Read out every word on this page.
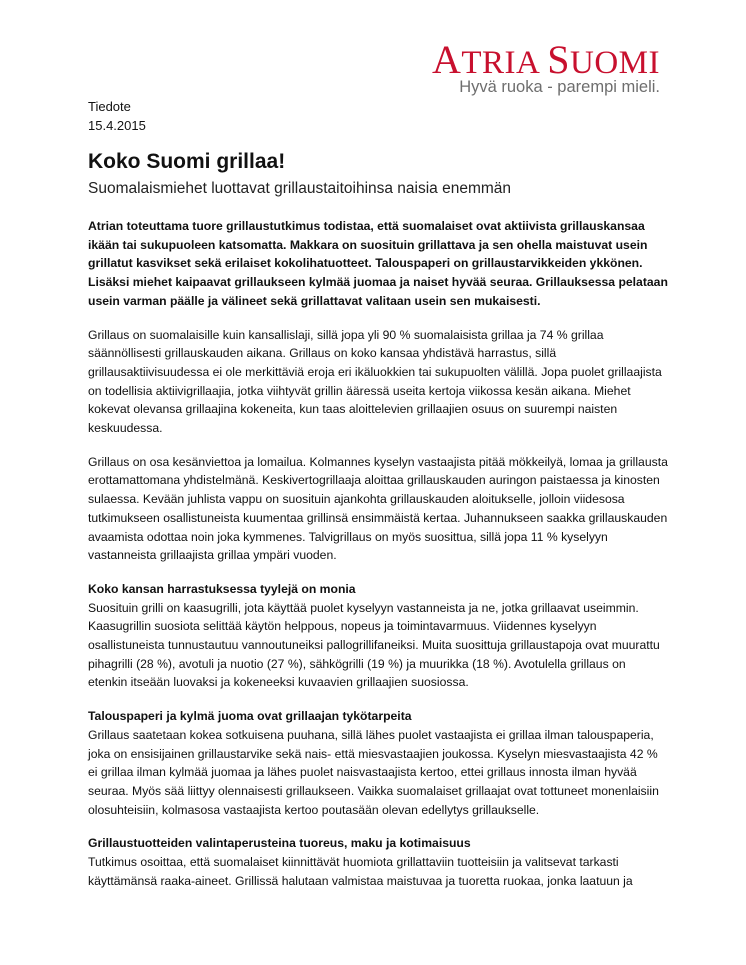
ATRIA SUOMI
Hyvä ruoka - parempi mieli.
Tiedote
15.4.2015
Koko Suomi grillaa!
Suomalaismiehet luottavat grillaustaitoihinsa naisia enemmän

Atrian toteuttama tuore grillaustutkimus todistaa, että suomalaiset ovat aktiivista grillauskansaa ikään tai sukupuoleen katsomatta. Makkara on suosituin grillattava ja sen ohella maistuvat usein grillatut kasvikset sekä erilaiset kokolihatuotteet. Talouspaperi on grillaustarvikkeiden ykkönen. Lisäksi miehet kaipaavat grillaukseen kylmää juomaa ja naiset hyvää seuraa. Grillauksessa pelataan usein varman päälle ja välineet sekä grillattavat valitaan usein sen mukaisesti.

Grillaus on suomalaisille kuin kansallislaji, sillä jopa yli 90 % suomalaisista grillaa ja 74 % grillaa säännöllisesti grillauskauden aikana. Grillaus on koko kansaa yhdistävä harrastus, sillä grillausaktiivisuudessa ei ole merkittäviä eroja eri ikäluokkien tai sukupuolten välillä. Jopa puolet grillaajista on todellisia aktiivigrillaajia, jotka viihtyvät grillin ääressä useita kertoja viikossa kesän aikana. Miehet kokevat olevansa grillaajina kokeneita, kun taas aloittelevien grillaajien osuus on suurempi naisten keskuudessa.

Grillaus on osa kesänviettoa ja lomailua. Kolmannes kyselyn vastaajista pitää mökkeilyä, lomaa ja grillausta erottamattomana yhdistelmänä. Keskivertogrillaaja aloittaa grillauskauden auringon paistaessa ja kinosten sulaessa. Kevään juhlista vappu on suosituin ajankohta grillauskauden aloitukselle, jolloin viidesosa tutkimukseen osallistuneista kuumentaa grillinsä ensimmäistä kertaa. Juhannukseen saakka grillauskauden avaamista odottaa noin joka kymmenes. Talvigrillaus on myös suosittua, sillä jopa 11 % kyselyyn vastanneista grillaajista grillaa ympäri vuoden.

Koko kansan harrastuksessa tyylejä on monia

Suosituin grilli on kaasugrilli, jota käyttää puolet kyselyyn vastanneista ja ne, jotka grillaavat useimmin. Kaasugrillin suosiota selittää käytön helppous, nopeus ja toimintavarmuus. Viidennes kyselyyn osallistuneista tunnustautuu vannoutuneiksi pallogrillifaneiksi. Muita suosittuja grillaustapoja ovat muurattu pihagrilli (28 %), avotuli ja nuotio (27 %), sähkögrilli (19 %) ja muurikka (18 %). Avotulella grillaus on etenkin itseään luovaksi ja kokeneeksi kuvaavien grillaajien suosiossa.

Talouspaperi ja kylmä juoma ovat grillaajan tykötarpeita

Grillaus saatetaan kokea sotkuisena puuhana, sillä lähes puolet vastaajista ei grillaa ilman talouspaperia, joka on ensisijainen grillaustarvike sekä nais- että miesvastaajien joukossa. Kyselyn miesvastaajista 42 % ei grillaa ilman kylmää juomaa ja lähes puolet naisvastaajista kertoo, ettei grillaus innosta ilman hyvää seuraa. Myös sää liittyy olennaisesti grillaukseen. Vaikka suomalaiset grillaajat ovat tottuneet monenlaisiin olosuhteisiin, kolmasosa vastaajista kertoo poutasään olevan edellytys grillaukselle.

Grillaustuotteiden valintaperusteina tuoreus, maku ja kotimaisuus

Tutkimus osoittaa, että suomalaiset kiinnittävät huomiota grillattaviin tuotteisiin ja valitsevat tarkasti käyttämänsä raaka-aineet. Grillissä halutaan valmistaa maistuvaa ja tuoretta ruokaa, jonka laatuun ja
